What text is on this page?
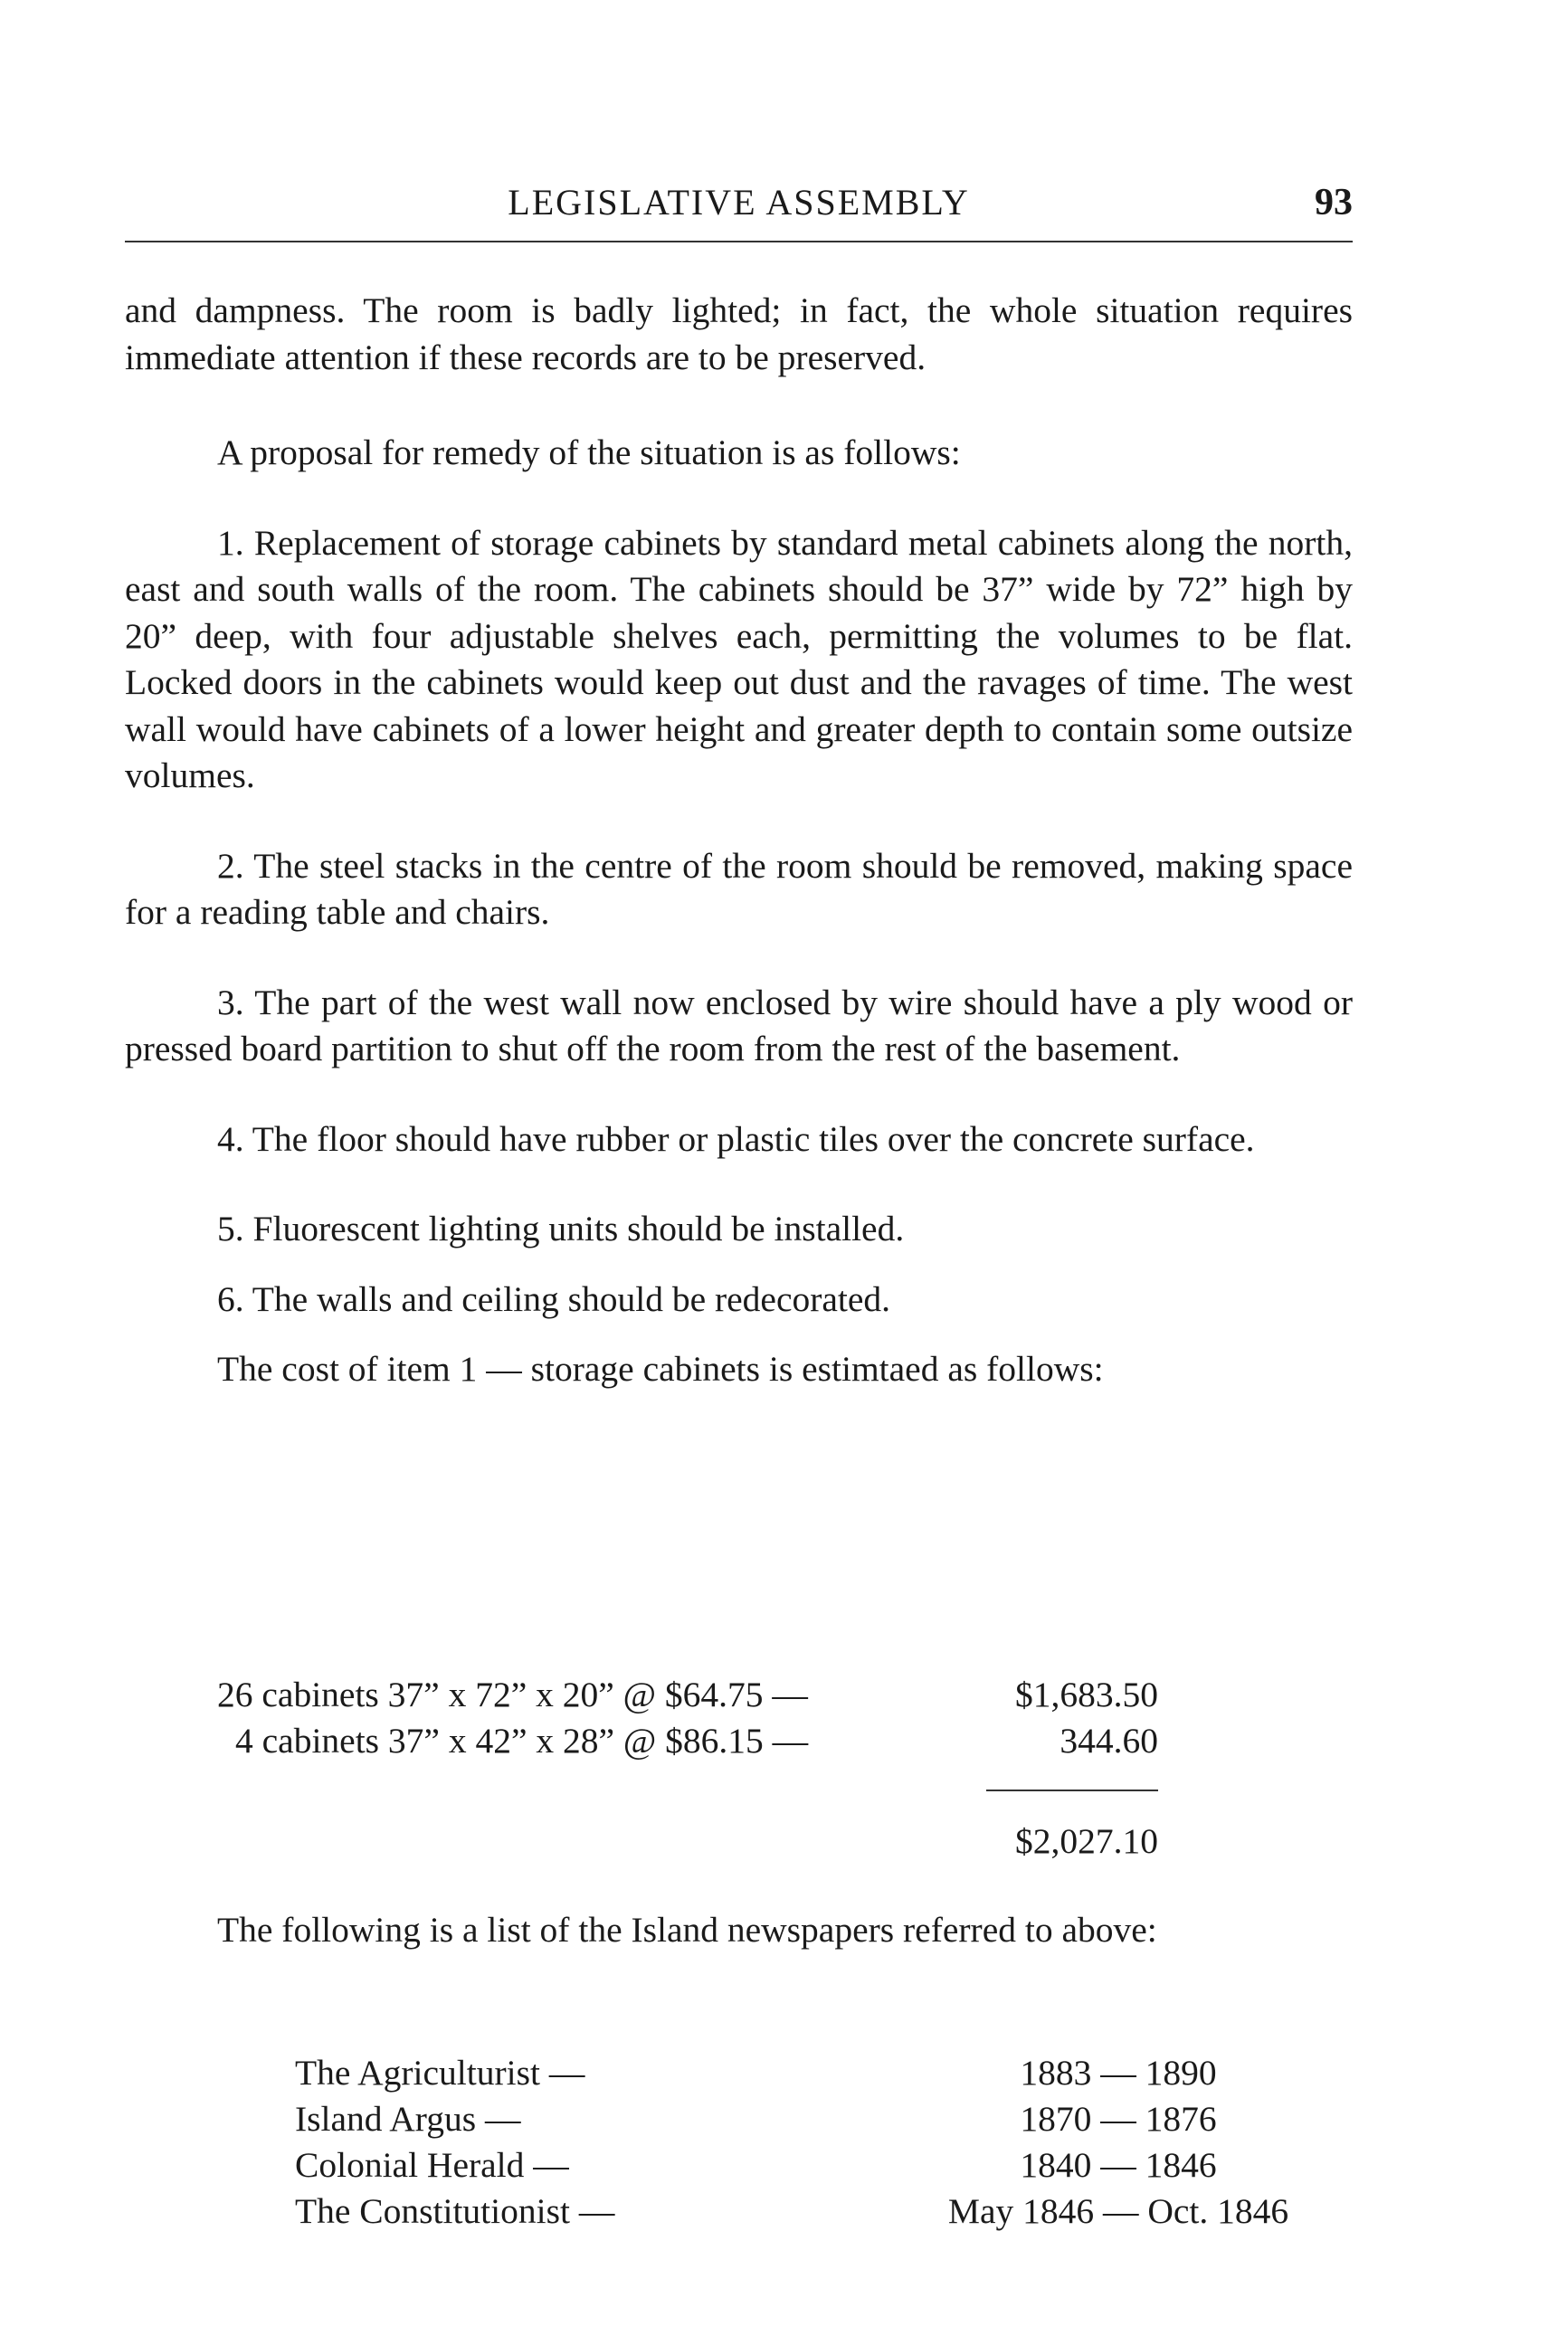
LEGISLATIVE ASSEMBLY	93

and dampness. The room is badly lighted; in fact, the whole situation requires immediate attention if these records are to be preserved.

A proposal for remedy of the situation is as follows:

1. Replacement of storage cabinets by standard metal cabinets along the north, east and south walls of the room. The cabinets should be 37” wide by 72” high by 20” deep, with four adjustable shelves each, permitting the volumes to be flat. Locked doors in the cabinets would keep out dust and the ravages of time. The west wall would have cabinets of a lower height and greater depth to contain some outsize volumes.

2. The steel stacks in the centre of the room should be removed, making space for a reading table and chairs.

3. The part of the west wall now enclosed by wire should have a ply wood or pressed board partition to shut off the room from the rest of the basement.

4. The floor should have rubber or plastic tiles over the concrete surface.

5. Fluorescent lighting units should be installed.

6. The walls and ceiling should be redecorated.

The cost of item 1 — storage cabinets is estimtaed as follows:

26 cabinets 37” x 72” x 20” @ $64.75 —	$1,683.50
4 cabinets 37” x 42” x 28” @ $86.15 —	344.60
$2,027.10

The following is a list of the Island newspapers referred to above:

The Agriculturist —	1883 — 1890
Island Argus —	1870 — 1876
Colonial Herald —	1840 — 1846
The Constitutionist —	May 1846 — Oct. 1846
